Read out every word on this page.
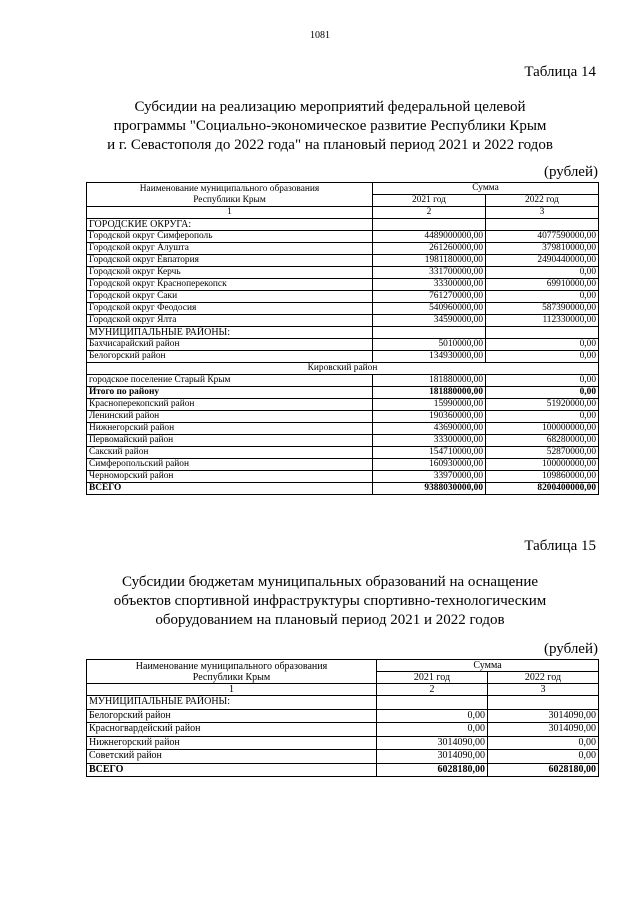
1081
Таблица 14
Субсидии на реализацию мероприятий федеральной целевой
программы "Социально-экономическое развитие Республики Крым
и г. Севастополя до 2022 года" на плановый период 2021 и 2022 годов
(рублей)
Наименование муниципального образования
Республики Крым	Сумма	
	2021 год	2022 год
1	2	3
ГОРОДСКИЕ ОКРУГА:		
Городской округ Симферополь	4489000000,00	4077590000,00
Городской округ Алушта	261260000,00	379810000,00
Городской округ Евпатория	1981180000,00	2490440000,00
Городской округ Керчь	331700000,00	0,00
Городской округ Красноперекопск	33300000,00	69910000,00
Городской округ Саки	761270000,00	0,00
Городской округ Феодосия	540960000,00	587390000,00
Городской округ Ялта	34590000,00	112330000,00
МУНИЦИПАЛЬНЫЕ РАЙОНЫ:		
Бахчисарайский район	5010000,00	0,00
Белогорский район	134930000,00	0,00
Кировский район		
городское поселение Старый Крым	181880000,00	0,00
Итого по району	181880000,00	0,00
Красноперекопский район	15990000,00	51920000,00
Ленинский район	190360000,00	0,00
Нижнегорский район	43690000,00	100000000,00
Первомайский район	33300000,00	68280000,00
Сакский район	154710000,00	52870000,00
Симферопольский район	160930000,00	100000000,00
Черноморский район	33970000,00	109860000,00
ВСЕГО	9388030000,00	8200400000,00
Таблица 15
Субсидии бюджетам муниципальных образований на оснащение
объектов спортивной инфраструктуры спортивно-технологическим
оборудованием на плановый период 2021 и 2022 годов
(рублей)
Наименование муниципального образования
Республики Крым	Сумма	
	2021 год	2022 год
1	2	3
МУНИЦИПАЛЬНЫЕ РАЙОНЫ:		
Белогорский район	0,00	3014090,00
Красногвардейский район	0,00	3014090,00
Нижнегорский район	3014090,00	0,00
Советский район	3014090,00	0,00
ВСЕГО	6028180,00	6028180,00
